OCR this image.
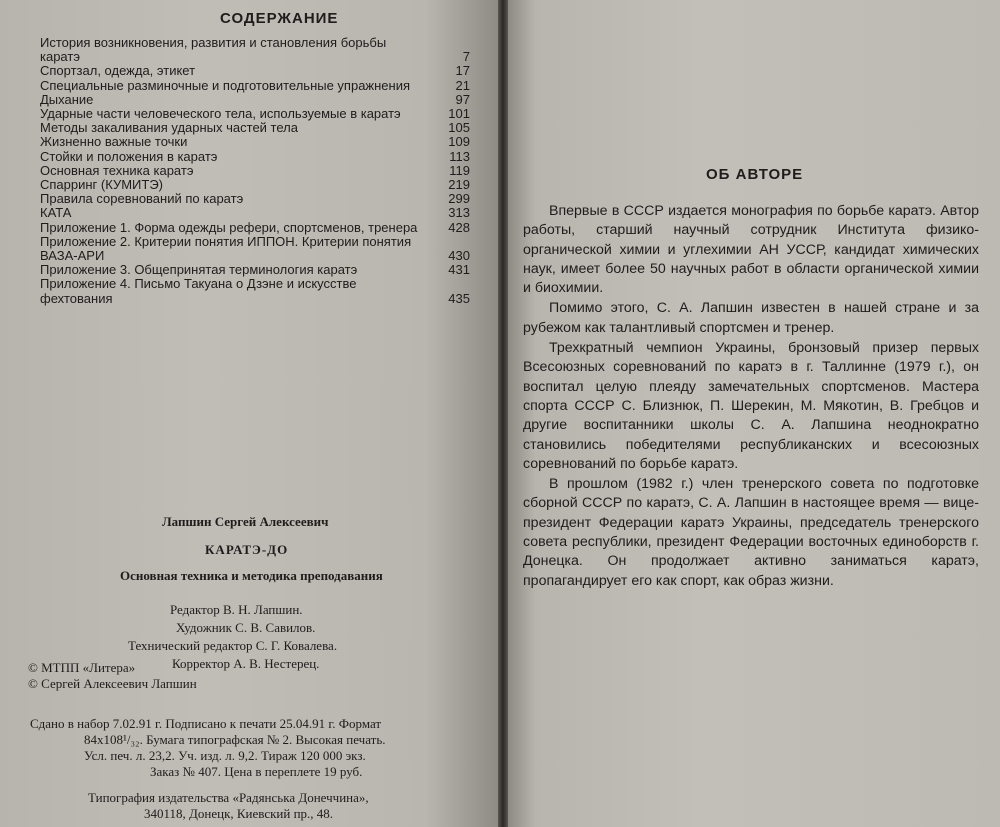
СОДЕРЖАНИЕ
История возникновения, развития и становления борьбы каратэ	7
Спортзал, одежда, этикет	17
Специальные разминочные и подготовительные упражнения	21
Дыхание	97
Ударные части человеческого тела, используемые в каратэ	101
Методы закаливания ударных частей тела	105
Жизненно важные точки	109
Стойки и положения в каратэ	113
Основная техника каратэ	119
Спарринг (КУМИТЭ)	219
Правила соревнований по каратэ	299
КАТА	313
Приложение 1. Форма одежды рефери, спортсменов, тренера 428
Приложение 2. Критерии понятия ИППОН. Критерии понятия ВАЗА-АРИ	430
Приложение 3. Общепринятая терминология каратэ	431
Приложение 4. Письмо Такуана о Дзэне и искусстве фехтования	435
Лапшин Сергей Алексеевич
КАРАТЭ-ДО
Основная техника и методика преподавания
Редактор В. Н. Лапшин.
Художник С. В. Савилов.
Технический редактор С. Г. Ковалева.
Корректор А. В. Нестерец.
© МТПП «Литера»
© Сергей Алексеевич Лапшин
Сдано в набор 7.02.91 г. Подписано к печати 25.04.91 г. Формат
84x108¹/₃₂. Бумага типографская № 2. Высокая печать.
Усл. печ. л. 23,2. Уч. изд. л. 9,2. Тираж 120 000 экз.
Заказ № 407. Цена в переплете 19 руб.
Типография издательства «Радянська Донеччина»,
340118, Донецк, Киевский пр., 48.
ОБ АВТОРЕ

Впервые в СССР издается монография по борьбе каратэ. Автор работы, старший научный сотрудник Института физико-органической химии и углехимии АН УССР, кандидат химических наук, имеет более 50 научных работ в области органической химии и биохимии.

Помимо этого, С. А. Лапшин известен в нашей стране и за рубежом как талантливый спортсмен и тренер.

Трехкратный чемпион Украины, бронзовый призер первых Всесоюзных соревнований по каратэ в г. Таллинне (1979 г.), он воспитал целую плеяду замечательных спортсменов. Мастера спорта СССР С. Близнюк, П. Шерекин, М. Мякотин, В. Гребцов и другие воспитанники школы С. А. Лапшина неоднократно становились победителями республиканских и всесоюзных соревнований по борьбе каратэ.

В прошлом (1982 г.) член тренерского совета по подготовке сборной СССР по каратэ, С. А. Лапшин в настоящее время — вице-президент Федерации каратэ Украины, председатель тренерского совета республики, президент Федерации восточных единоборств г. Донецка. Он продолжает активно заниматься каратэ, пропагандирует его как спорт, как образ жизни.
